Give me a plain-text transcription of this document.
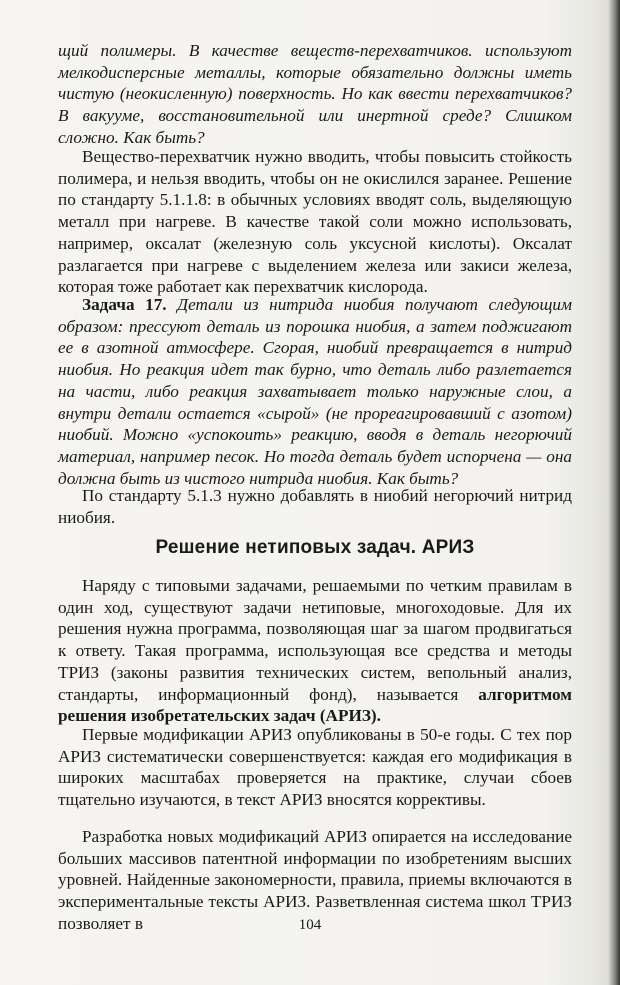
щий полимеры. В качестве веществ-перехватчиков. используют мелкодисперсные металлы, которые обязательно должны иметь чистую (неокисленную) поверхность. Но как ввести перехватчиков? В вакууме, восстановительной или инертной среде? Слишком сложно. Как быть?

Вещество-перехватчик нужно вводить, чтобы повысить стойкость полимера, и нельзя вводить, чтобы он не окислился заранее. Решение по стандарту 5.1.1.8: в обычных условиях вводят соль, выделяющую металл при нагреве. В качестве такой соли можно использовать, например, оксалат (железную соль уксусной кислоты). Оксалат разлагается при нагреве с выделением железа или закиси железа, которая тоже работает как перехватчик кислорода.

Задача 17. Детали из нитрида ниобия получают следующим образом: прессуют деталь из порошка ниобия, а затем поджигают ее в азотной атмосфере. Сгорая, ниобий превращается в нитрид ниобия. Но реакция идет так бурно, что деталь либо разлетается на части, либо реакция захватывает только наружные слои, а внутри детали остается «сырой» (не прореагировавший с азотом) ниобий. Можно «успокоить» реакцию, вводя в деталь негорючий материал, например песок. Но тогда деталь будет испорчена — она должна быть из чистого нитрида ниобия. Как быть?

По стандарту 5.1.3 нужно добавлять в ниобий негорючий нитрид ниобия.

Решение нетиповых задач. АРИЗ

Наряду с типовыми задачами, решаемыми по четким правилам в один ход, существуют задачи нетиповые, многоходовые. Для их решения нужна программа, позволяющая шаг за шагом продвигаться к ответу. Такая программа, использующая все средства и методы ТРИЗ (законы развития технических систем, вепольный анализ, стандарты, информационный фонд), называется алгоритмом решения изобретательских задач (АРИЗ).

Первые модификации АРИЗ опубликованы в 50-е годы. С тех пор АРИЗ систематически совершенствуется: каждая его модификация в широких масштабах проверяется на практике, случаи сбоев тщательно изучаются, в текст АРИЗ вносятся коррективы.

Разработка новых модификаций АРИЗ опирается на исследование больших массивов патентной информации по изобретениям высших уровней. Найденные закономерности, правила, приемы включаются в экспериментальные тексты АРИЗ. Разветвленная система школ ТРИЗ позволяет в	104
